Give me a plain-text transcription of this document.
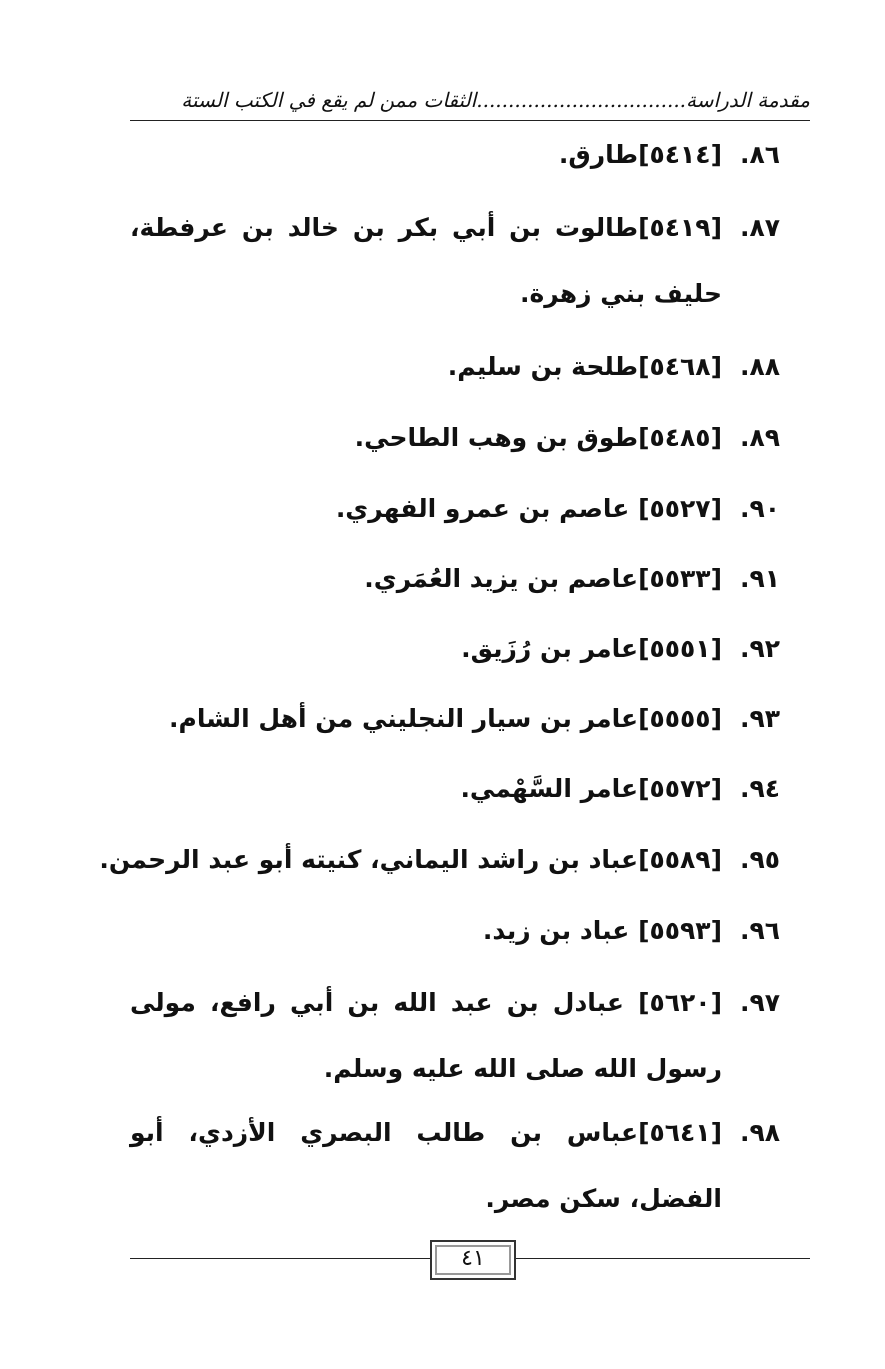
مقدمة الدراسة.................................الثقات ممن لم يقع في الكتب الستة
٨٦.
[٥٤١٤]طارق.
٨٧.
[٥٤١٩]طالوت بن أبي بكر بن خالد بن عرفطة، حليف بني زهرة.
٨٨.
[٥٤٦٨]طلحة بن سليم.
٨٩.
[٥٤٨٥]طوق بن وهب الطاحي.
٩٠.
[٥٥٢٧] عاصم بن عمرو الفهري.
٩١.
[٥٥٣٣]عاصم بن يزيد العُمَري.
٩٢.
[٥٥٥١]عامر بن رُزَيق.
٩٣.
[٥٥٥٥]عامر بن سيار النجليني من أهل الشام.
٩٤.
[٥٥٧٢]عامر السَّهْمي.
٩٥.
[٥٥٨٩]عباد بن راشد اليماني، كنيته أبو عبد الرحمن.
٩٦.
[٥٥٩٣] عباد بن زيد.
٩٧.
[٥٦٢٠] عبادل بن عبد الله بن أبي رافع، مولى رسول الله صلى الله عليه وسلم.
٩٨.
[٥٦٤١]عباس بن طالب البصري الأزدي، أبو الفضل، سكن مصر.
٤١
